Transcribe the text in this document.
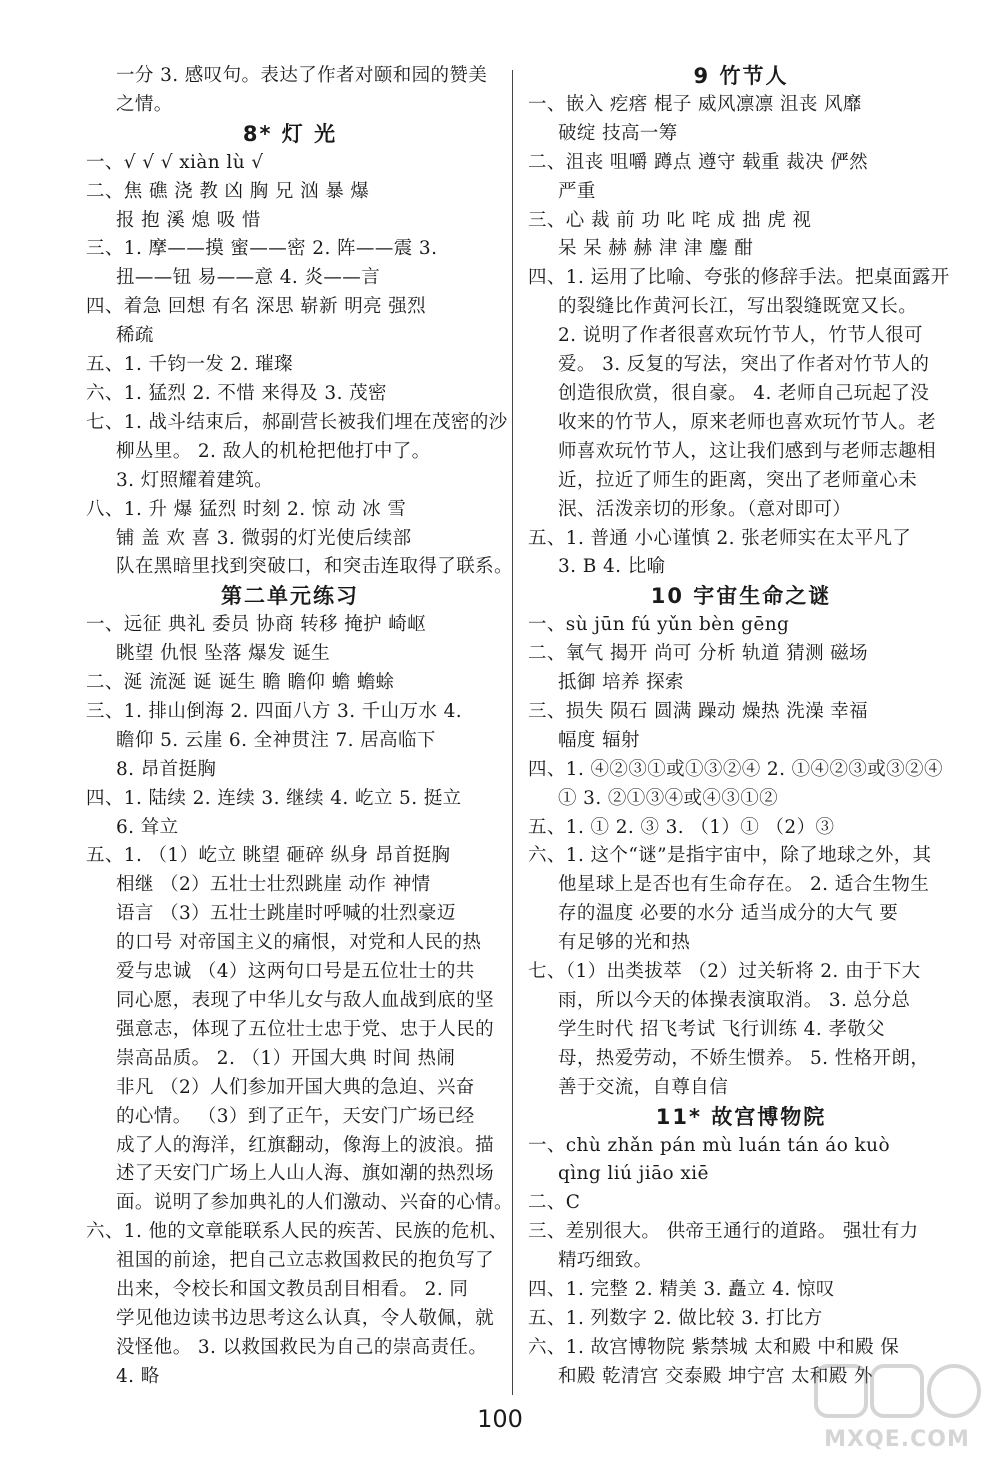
一分 3. 感叹句。表达了作者对颐和园的赞美
之情。
8* 灯 光
一、√ √ √ xiàn lù √
二、焦 礁 浇 教 凶 胸 兄 汹 暴 爆
报 抱 溪 熄 吸 惜
三、1. 摩——摸 蜜——密 2. 阵——震 3.
扭——钮 易——意 4. 炎——言
四、着急 回想 有名 深思 崭新 明亮 强烈
稀疏
五、1. 千钧一发 2. 璀璨
六、1. 猛烈 2. 不惜 来得及 3. 茂密
七、1. 战斗结束后，郝副营长被我们埋在茂密的沙
柳丛里。 2. 敌人的机枪把他打中了。
3. 灯照耀着建筑。
八、1. 升 爆 猛烈 时刻 2. 惊 动 冰 雪
铺 盖 欢 喜 3. 微弱的灯光使后续部
队在黑暗里找到突破口，和突击连取得了联系。
第二单元练习
一、远征 典礼 委员 协商 转移 掩护 崎岖
眺望 仇恨 坠落 爆发 诞生
二、涎 流涎 诞 诞生 瞻 瞻仰 蟾 蟾蜍
三、1. 排山倒海 2. 四面八方 3. 千山万水 4.
瞻仰 5. 云崖 6. 全神贯注 7. 居高临下
8. 昂首挺胸
四、1. 陆续 2. 连续 3. 继续 4. 屹立 5. 挺立
6. 耸立
五、1. （1）屹立 眺望 砸碎 纵身 昂首挺胸
相继 （2）五壮士壮烈跳崖 动作 神情
语言 （3）五壮士跳崖时呼喊的壮烈豪迈
的口号 对帝国主义的痛恨，对党和人民的热
爱与忠诚 （4）这两句口号是五位壮士的共
同心愿，表现了中华儿女与敌人血战到底的坚
强意志，体现了五位壮士忠于党、忠于人民的
崇高品质。 2. （1）开国大典 时间 热闹
非凡 （2）人们参加开国大典的急迫、兴奋
的心情。 （3）到了正午，天安门广场已经
成了人的海洋，红旗翻动，像海上的波浪。描
述了天安门广场上人山人海、旗如潮的热烈场
面。说明了参加典礼的人们激动、兴奋的心情。
六、1. 他的文章能联系人民的疾苦、民族的危机、
祖国的前途，把自己立志救国救民的抱负写了
出来，令校长和国文教员刮目相看。 2. 同
学见他边读书边思考这么认真，令人敬佩，就
没怪他。 3. 以救国救民为自己的崇高责任。
4. 略
9 竹节人
一、嵌入 疙瘩 棍子 威风凛凛 沮丧 风靡
破绽 技高一筹
二、沮丧 咀嚼 蹲点 遵守 载重 裁决 俨然
严重
三、心 裁 前 功 叱 咤 成 拙 虎 视
呆 呆 赫 赫 津 津 鏖 酣
四、1. 运用了比喻、夸张的修辞手法。把桌面露开
的裂缝比作黄河长江，写出裂缝既宽又长。
2. 说明了作者很喜欢玩竹节人，竹节人很可
爱。 3. 反复的写法，突出了作者对竹节人的
创造很欣赏，很自豪。 4. 老师自己玩起了没
收来的竹节人，原来老师也喜欢玩竹节人。老
师喜欢玩竹节人，这让我们感到与老师志趣相
近，拉近了师生的距离，突出了老师童心未
泯、活泼亲切的形象。（意对即可）
五、1. 普通 小心谨慎 2. 张老师实在太平凡了
3. B 4. 比喻
10 宇宙生命之谜
一、sù jūn fú yǔn bèn gēng
二、氧气 揭开 尚可 分析 轨道 猜测 磁场
抵御 培养 探索
三、损失 陨石 圆满 躁动 燥热 洗澡 幸福
幅度 辐射
四、1. ④②③①或①③②④ 2. ①④②③或③②④
① 3. ②①③④或④③①②
五、1. ① 2. ③ 3. （1）① （2）③
六、1. 这个“谜”是指宇宙中，除了地球之外，其
他星球上是否也有生命存在。 2. 适合生物生
存的温度 必要的水分 适当成分的大气 要
有足够的光和热
七、（1）出类拔萃 （2）过关斩将 2. 由于下大
雨，所以今天的体操表演取消。 3. 总分总
学生时代 招飞考试 飞行训练 4. 孝敬父
母，热爱劳动，不娇生惯养。 5. 性格开朗，
善于交流，自尊自信
11* 故宫博物院
一、chù zhǎn pán mù luán tán áo kuò
qìng liú jiāo xiē
二、C
三、差别很大。 供帝王通行的道路。 强壮有力
精巧细致。
四、1. 完整 2. 精美 3. 矗立 4. 惊叹
五、1. 列数字 2. 做比较 3. 打比方
六、1. 故宫博物院 紫禁城 太和殿 中和殿 保
和殿 乾清宫 交泰殿 坤宁宫 太和殿 外
100
MXQE.COM
